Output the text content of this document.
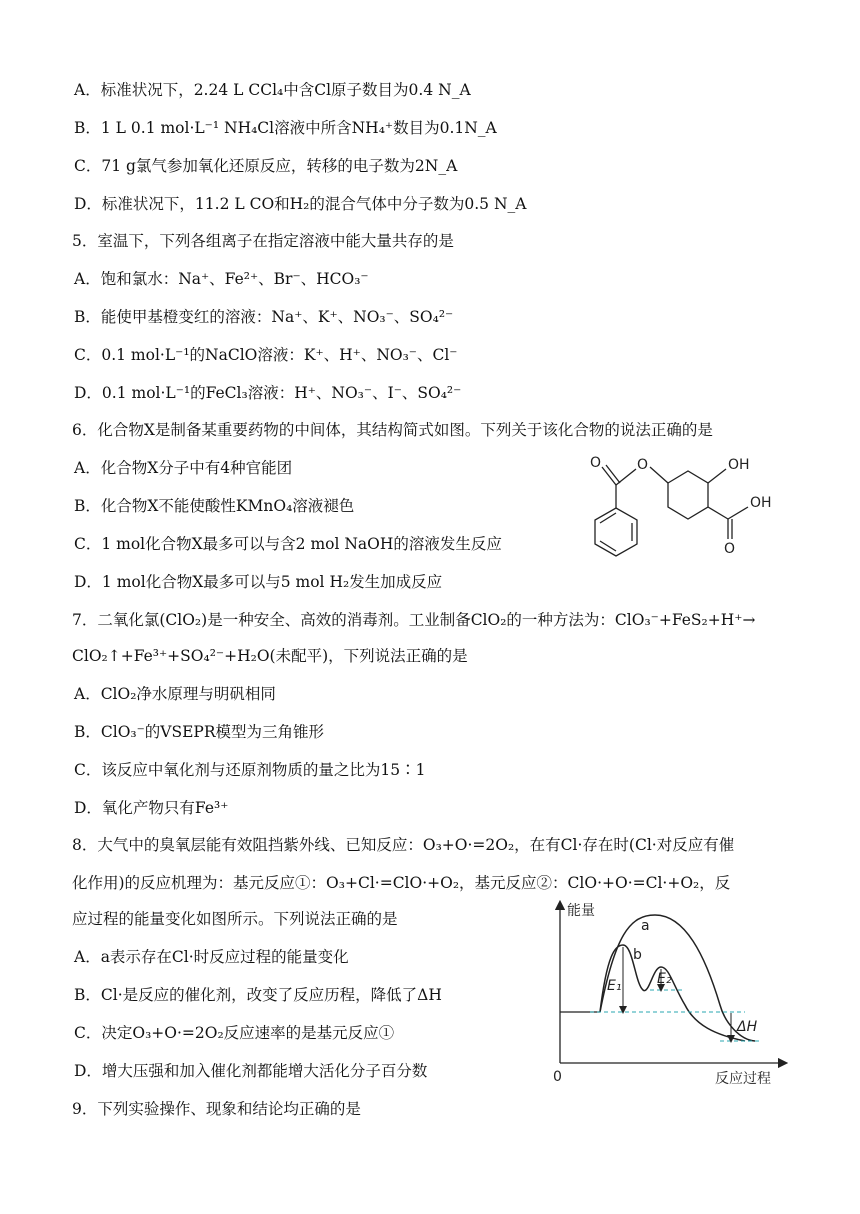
A．标准状况下，2.24 L CCl₄中含Cl原子数目为0.4 N_A
B．1 L 0.1 mol·L⁻¹ NH₄Cl溶液中所含NH₄⁺数目为0.1N_A
C．71 g氯气参加氧化还原反应，转移的电子数为2N_A
D．标准状况下，11.2 L CO和H₂的混合气体中分子数为0.5 N_A
5．室温下，下列各组离子在指定溶液中能大量共存的是
A．饱和氯水：Na⁺、Fe²⁺、Br⁻、HCO₃⁻
B．能使甲基橙变红的溶液：Na⁺、K⁺、NO₃⁻、SO₄²⁻
C．0.1 mol·L⁻¹的NaClO溶液：K⁺、H⁺、NO₃⁻、Cl⁻
D．0.1 mol·L⁻¹的FeCl₃溶液：H⁺、NO₃⁻、I⁻、SO₄²⁻
6．化合物X是制备某重要药物的中间体，其结构简式如图。下列关于该化合物的说法正确的是
A．化合物X分子中有4种官能团
B．化合物X不能使酸性KMnO₄溶液褪色
C．1 mol化合物X最多可以与含2 mol NaOH的溶液发生反应
D．1 mol化合物X最多可以与5 mol H₂发生加成反应
O	O	OH
OH
O
7．二氧化氯(ClO₂)是一种安全、高效的消毒剂。工业制备ClO₂的一种方法为：ClO₃⁻+FeS₂+H⁺→
ClO₂↑+Fe³⁺+SO₄²⁻+H₂O(未配平)，下列说法正确的是
A．ClO₂净水原理与明矾相同
B．ClO₃⁻的VSEPR模型为三角锥形
C．该反应中氧化剂与还原剂物质的量之比为15∶1
D．氧化产物只有Fe³⁺
8．大气中的臭氧层能有效阻挡紫外线、已知反应：O₃+O·=2O₂，在有Cl·存在时(Cl·对反应有催
化作用)的反应机理为：基元反应①：O₃+Cl·=ClO·+O₂，基元反应②：ClO·+O·=Cl·+O₂，反
应过程的能量变化如图所示。下列说法正确的是
A．a表示存在Cl·时反应过程的能量变化
B．Cl·是反应的催化剂，改变了反应历程，降低了ΔH
C．决定O₃+O·=2O₂反应速率的是基元反应①
D．增大压强和加入催化剂都能增大活化分子百分数
能量
反应过程
0
a
b
E₁	E₂
ΔH
9．下列实验操作、现象和结论均正确的是
